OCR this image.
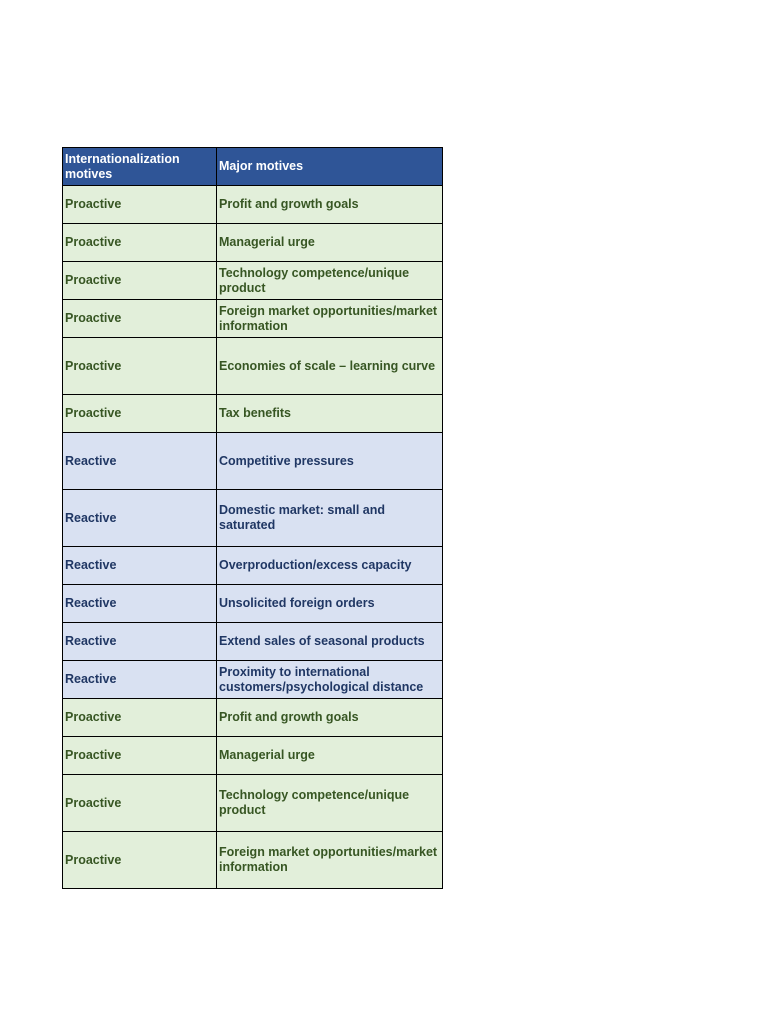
Internationalization motives	Major motives
Proactive	Profit and growth goals
Proactive	Managerial urge
Proactive	Technology competence/unique product
Proactive	Foreign market opportunities/market information
Proactive	Economies of scale – learning curve
Proactive	Tax benefits
Reactive	Competitive pressures
Reactive	Domestic market: small and saturated
Reactive	Overproduction/excess capacity
Reactive	Unsolicited foreign orders
Reactive	Extend sales of seasonal products
Reactive	Proximity to international customers/psychological distance
Proactive	Profit and growth goals
Proactive	Managerial urge
Proactive	Technology competence/unique product
Proactive	Foreign market opportunities/market information
